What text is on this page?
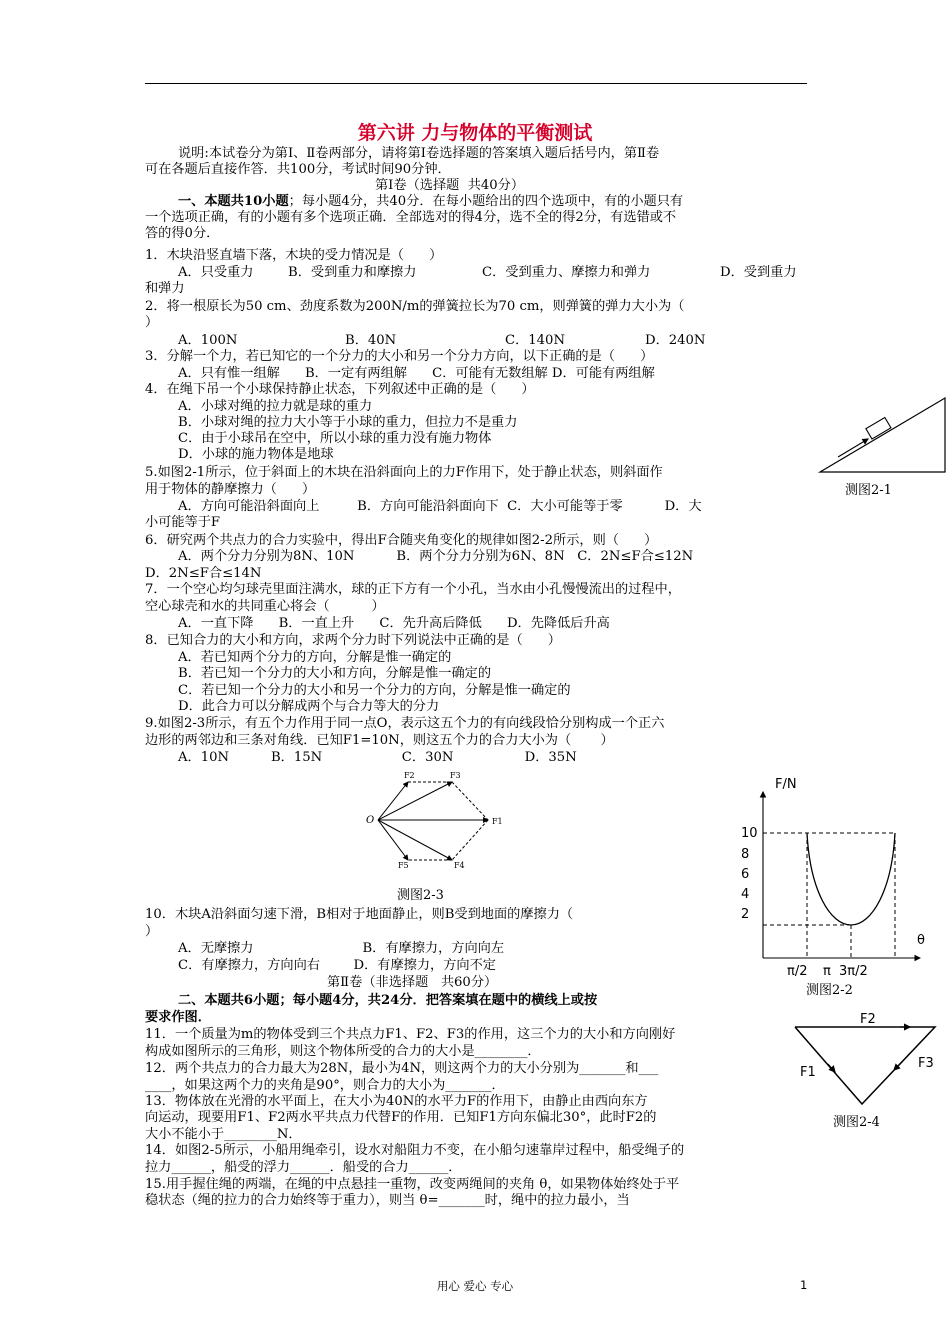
第六讲 力与物体的平衡测试
说明:本试卷分为第Ⅰ、Ⅱ卷两部分，请将第Ⅰ卷选择题的答案填入题后括号内，第Ⅱ卷
可在各题后直接作答．共100分，考试时间90分钟．
第Ⅰ卷（选择题  共40分）
一、本题共10小题；每小题4分，共40分．在每小题给出的四个选项中，有的小题只有
一个选项正确，有的小题有多个选项正确．全部选对的得4分，选不全的得2分，有选错或不
答的得0分．
1．木块沿竖直墙下落，木块的受力情况是（      ）
A．只受重力	B．受到重力和摩擦力	C．受到重力、摩擦力和弹力	D．受到重力
和弹力
2．将一根原长为50 cm、劲度系数为200N/m的弹簧拉长为70 cm，则弹簧的弹力大小为（
）
A．100N	B．40N	C．140N	D．240N
3．分解一个力，若已知它的一个分力的大小和另一个分力方向，以下正确的是（      ）
A．只有惟一组解      B．一定有两组解      C．可能有无数组解 D．可能有两组解
4．在绳下吊一个小球保持静止状态，下列叙述中正确的是（      ）
A．小球对绳的拉力就是球的重力
B．小球对绳的拉力大小等于小球的重力，但拉力不是重力
C．由于小球吊在空中，所以小球的重力没有施力物体
D．小球的施力物体是地球
5.如图2-1所示，位于斜面上的木块在沿斜面向上的力F作用下，处于静止状态，则斜面作
用于物体的静摩擦力（      ）
A．方向可能沿斜面向上         B．方向可能沿斜面向下  C．大小可能等于零          D．大
小可能等于F
6．研究两个共点力的合力实验中，得出F合随夹角变化的规律如图2-2所示，则（      ）
A．两个分力分别为8N、10N          B．两个分力分别为6N、8N   C．2N≤F合≤12N
D．2N≤F合≤14N
7．一个空心均匀球壳里面注满水，球的正下方有一个小孔，当水由小孔慢慢流出的过程中，
空心球壳和水的共同重心将会（          ）
A．一直下降      B．一直上升      C．先升高后降低      D．先降低后升高
8．已知合力的大小和方向，求两个分力时下列说法中正确的是（      ）
A．若已知两个分力的方向，分解是惟一确定的
B．若已知一个分力的大小和方向，分解是惟一确定的
C．若已知一个分力的大小和另一个分力的方向，分解是惟一确定的
D．此合力可以分解成两个与合力等大的分力
9.如图2-3所示，有五个力作用于同一点O，表示这五个力的有向线段恰分别构成一个正六
边形的两邻边和三条对角线．已知F1=10N，则这五个力的合力大小为（       ）
A．10N          B．15N                   C．30N                 D．35N
O
F2	F3
F1
F5	F4
测图2-3
10．木块A沿斜面匀速下滑，B相对于地面静止，则B受到地面的摩擦力（
）
A．无摩擦力                          B．有摩擦力，方向向左
C．有摩擦力，方向向右        D．有摩擦力，方向不定
第Ⅱ卷（非选择题   共60分）
二、本题共6小题；每小题4分，共24分．把答案填在题中的横线上或按
要求作图．
11．一个质量为m的物体受到三个共点力F1、F2、F3的作用，这三个力的大小和方向刚好
构成如图所示的三角形，则这个物体所受的合力的大小是________．
12．两个共点力的合力最大为28N，最小为4N，则这两个力的大小分别为_______和___
____，如果这两个力的夹角是90°，则合力的大小为_______．
13．物体放在光滑的水平面上，在大小为40N的水平力F的作用下，由静止由西向东方
向运动，现要用F1、F2两水平共点力代替F的作用．已知F1方向东偏北30°，此时F2的
大小不能小于________N．
14．如图2-5所示，小船用绳牵引，设水对船阻力不变，在小船匀速靠岸过程中，船受绳子的
拉力______，船受的浮力______．船受的合力______．
15.用手握住绳的两端，在绳的中点悬挂一重物，改变两绳间的夹角 θ，如果物体始终处于平
稳状态（绳的拉力的合力始终等于重力），则当 θ=_______时，绳中的拉力最小，当
测图2-1
F/N
θ
10
8
6
4
2
π/2 π 3π/2
测图2-2
F2
F1
F3
测图2-4
用心 爱心 专心	1
